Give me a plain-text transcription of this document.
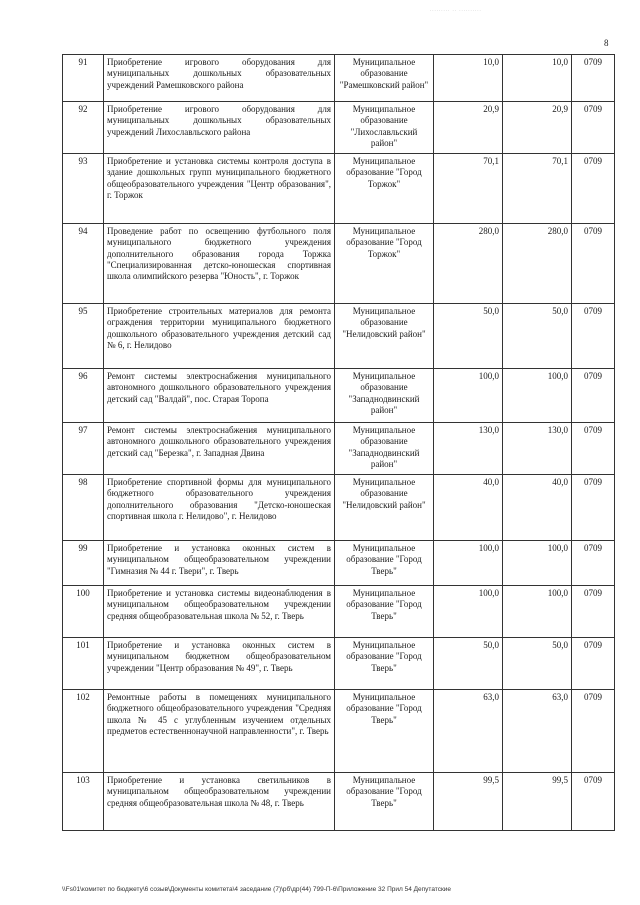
......... .. ..........
8
91	Приобретение игрового оборудования для муниципальных дошкольных образовательных учреждений Рамешковского района	Муниципальное образование "Рамешковский район"	10,0	10,0	0709
92	Приобретение игрового оборудования для муниципальных дошкольных образовательных учреждений Лихославльского района	Муниципальное образование "Лихославльский район"	20,9	20,9	0709
93	Приобретение и установка системы контроля доступа в здание дошкольных групп муниципального бюджетного общеобразовательного учреждения "Центр образования", г. Торжок	Муниципальное образование "Город Торжок"	70,1	70,1	0709
94	Проведение работ по освещению футбольного поля муниципального бюджетного учреждения дополнительного образования города Торжка "Специализированная детско-юношеская спортивная школа олимпийского резерва "Юность", г. Торжок	Муниципальное образование "Город Торжок"	280,0	280,0	0709
95	Приобретение строительных материалов для ремонта ограждения территории муниципального бюджетного дошкольного образовательного учреждения детский сад № 6, г. Нелидово	Муниципальное образование "Нелидовский район"	50,0	50,0	0709
96	Ремонт системы электроснабжения муниципального автономного дошкольного образовательного учреждения детский сад "Валдай", пос. Старая Торопа	Муниципальное образование "Западнодвинский район"	100,0	100,0	0709
97	Ремонт системы электроснабжения муниципального автономного дошкольного образовательного учреждения детский сад "Березка", г. Западная Двина	Муниципальное образование "Западнодвинский район"	130,0	130,0	0709
98	Приобретение спортивной формы для муниципального бюджетного образовательного учреждения дополнительного образования "Детско-юношеская спортивная школа г. Нелидово", г. Нелидово	Муниципальное образование "Нелидовский район"	40,0	40,0	0709
99	Приобретение и установка оконных систем в муниципальном общеобразовательном учреждении "Гимназия № 44 г. Твери", г. Тверь	Муниципальное образование "Город Тверь"	100,0	100,0	0709
100	Приобретение и установка системы видеонаблюдения в муниципальном общеобразовательном учреждении средняя общеобразовательная школа № 52, г. Тверь	Муниципальное образование "Город Тверь"	100,0	100,0	0709
101	Приобретение и установка оконных систем в муниципальном бюджетном общеобразовательном учреждении "Центр образования № 49", г. Тверь	Муниципальное образование "Город Тверь"	50,0	50,0	0709
102	Ремонтные работы в помещениях муниципального бюджетного общеобразовательного учреждения "Средняя школа № 45 с углубленным изучением отдельных предметов естественнонаучной направленности", г. Тверь	Муниципальное образование "Город Тверь"	63,0	63,0	0709
103	Приобретение и установка светильников в муниципальном общеобразовательном учреждении средняя общеобразовательная школа № 48, г. Тверь	Муниципальное образование "Город Тверь"	99,5	99,5	0709
\\Fs01\комитет по бюджету\6 созыв\Документы комитета\4 заседание (7)\рб\др(44) 799-П-6\Приложение 32 Прил 54 Депутатские
